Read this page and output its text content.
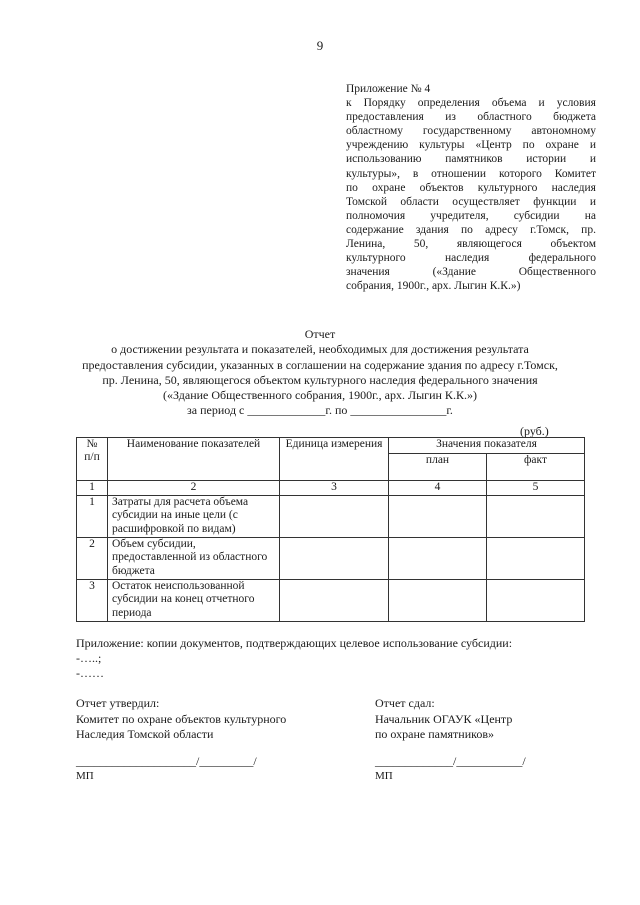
9
Приложение № 4
к Порядку определения объема и условия
предоставления из областного бюджета
областному государственному автономному
учреждению культуры «Центр по охране и
использованию памятников истории и
культуры», в отношении которого Комитет
по охране объектов культурного наследия
Томской области осуществляет функции и
полномочия учредителя, субсидии на
содержание здания по адресу г.Томск, пр.
Ленина, 50, являющегося объектом
культурного	наследия	федерального
значения	(«Здание	Общественного
собрания, 1900г., арх. Лыгин К.К.»)
Отчет
о достижении результата и показателей, необходимых для достижения результата
предоставления субсидии, указанных в соглашении на содержание здания по адресу г.Томск,
пр. Ленина, 50, являющегося объектом культурного наследия федерального значения
(«Здание Общественного собрания, 1900г., арх. Лыгин К.К.»)
за период с _____________г. по ________________г.
(руб.)
№ п/п	Наименование показателей	Единица измерения	Значения показателя	
			план	факт
1	2	3	4	5
1	Затраты для расчета объема субсидии на иные цели (с расшифровкой по видам)			
2	Объем субсидии, предоставленной из областного бюджета			
3	Остаток неиспользованной субсидии на конец отчетного периода			
Приложение: копии документов, подтверждающих целевое использование субсидии:
-…..;
-……
Отчет утвердил:
Комитет по охране объектов культурного
Наследия Томской области
____________________/_________/
МП
Отчет сдал:
Начальник ОГАУК «Центр
по охране памятников»
_____________/___________/
МП
